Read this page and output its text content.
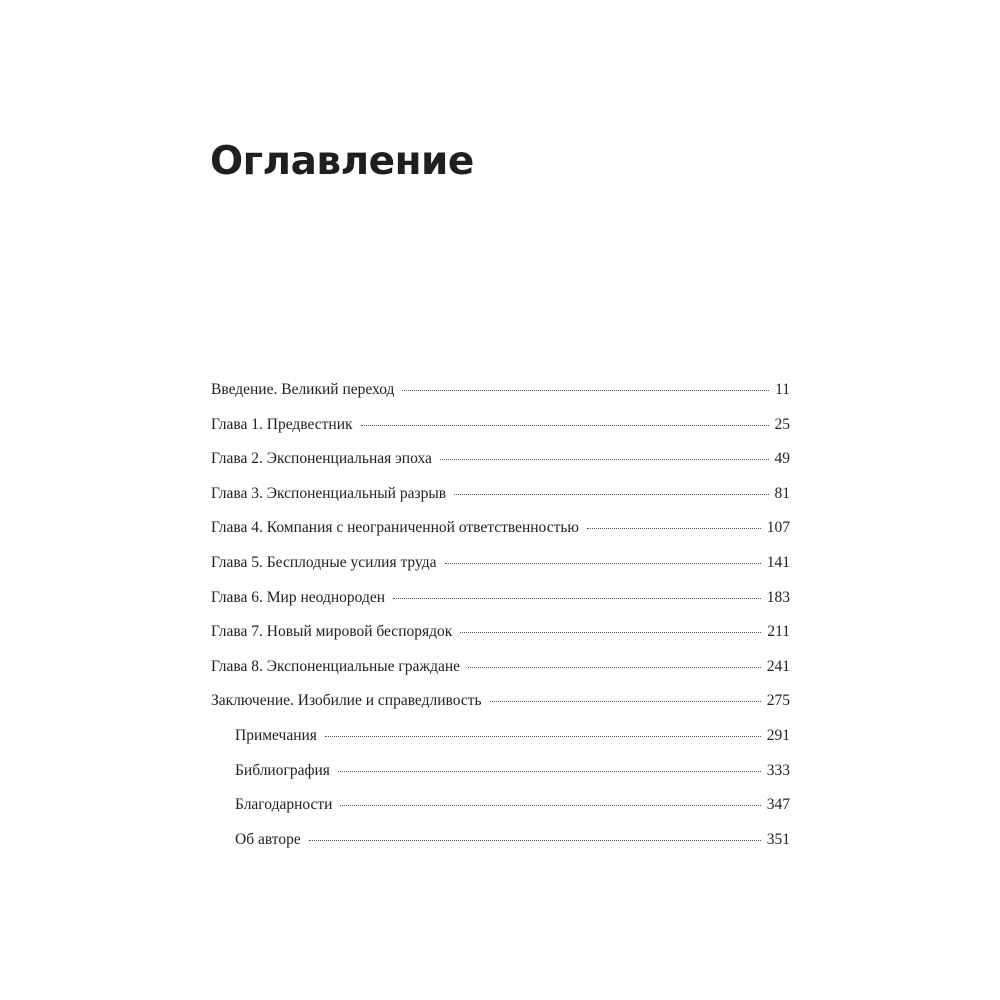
Оглавление
Введение. Великий переход	11
Глава 1. Предвестник	25
Глава 2. Экспоненциальная эпоха	49
Глава 3. Экспоненциальный разрыв	81
Глава 4. Компания с неограниченной ответственностью	107
Глава 5. Бесплодные усилия труда	141
Глава 6. Мир неоднороден	183
Глава 7. Новый мировой беспорядок	211
Глава 8. Экспоненциальные граждане	241
Заключение. Изобилие и справедливость	275
Примечания	291
Библиография	333
Благодарности	347
Об авторе	351
